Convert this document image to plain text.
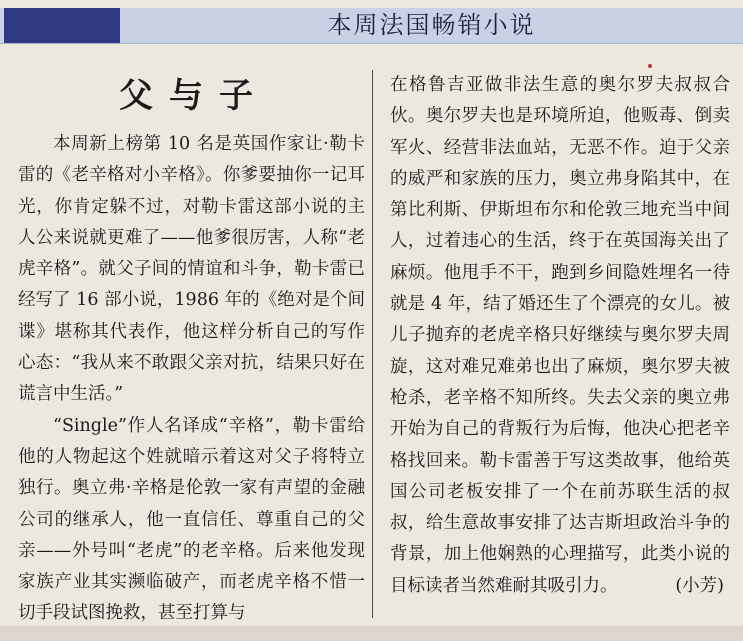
本周法国畅销小说
父与子

本周新上榜第 10 名是英国作家让·勒卡雷的《老辛格对小辛格》。你爹要抽你一记耳光，你肯定躲不过，对勒卡雷这部小说的主人公来说就更难了——他爹很厉害，人称“老虎辛格”。就父子间的情谊和斗争，勒卡雷已经写了 16 部小说，1986 年的《绝对是个间谍》堪称其代表作，他这样分析自己的写作心态：“我从来不敢跟父亲对抗，结果只好在谎言中生活。”

“Single”作人名译成“辛格”，勒卡雷给他的人物起这个姓就暗示着这对父子将特立独行。奥立弗·辛格是伦敦一家有声望的金融公司的继承人，他一直信任、尊重自己的父亲——外号叫“老虎”的老辛格。后来他发现家族产业其实濒临破产，而老虎辛格不惜一切手段试图挽救，甚至打算与

在格鲁吉亚做非法生意的奥尔罗夫叔叔合伙。奥尔罗夫也是环境所迫，他贩毒、倒卖军火、经营非法血站，无恶不作。迫于父亲的威严和家族的压力，奥立弗身陷其中，在第比利斯、伊斯坦布尔和伦敦三地充当中间人，过着违心的生活，终于在英国海关出了麻烦。他甩手不干，跑到乡间隐姓埋名一待就是 4 年，结了婚还生了个漂亮的女儿。被儿子抛弃的老虎辛格只好继续与奥尔罗夫周旋，这对难兄难弟也出了麻烦，奥尔罗夫被枪杀，老辛格不知所终。失去父亲的奥立弗开始为自己的背叛行为后悔，他决心把老辛格找回来。勒卡雷善于写这类故事，他给英国公司老板安排了一个在前苏联生活的叔叔，给生意故事安排了达吉斯坦政治斗争的背景，加上他娴熟的心理描写，此类小说的目标读者当然难耐其吸引力。	(小芳)
